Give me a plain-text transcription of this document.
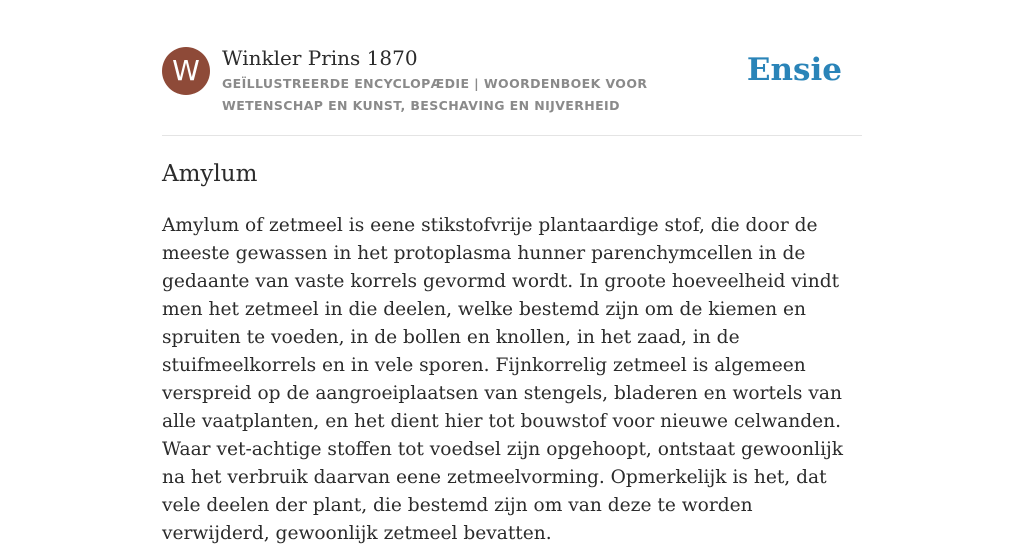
W	Winkler Prins 1870
GEÏLLUSTREERDE ENCYCLOPÆDIE | WOORDENBOEK VOOR WETENSCHAP EN KUNST, BESCHAVING EN NIJVERHEID
Ensie
Amylum

Amylum of zetmeel is eene stikstofvrije plantaardige stof, die door de meeste gewassen in het protoplasma hunner parenchymcellen in de gedaante van vaste korrels gevormd wordt. In groote hoeveelheid vindt men het zetmeel in die deelen, welke bestemd zijn om de kiemen en spruiten te voeden, in de bollen en knollen, in het zaad, in de stuifmeelkorrels en in vele sporen. Fijnkorrelig zetmeel is algemeen verspreid op de aangroeiplaatsen van stengels, bladeren en wortels van alle vaatplanten, en het dient hier tot bouwstof voor nieuwe celwanden. Waar vet-achtige stoffen tot voedsel zijn opgehoopt, ontstaat gewoonlijk na het verbruik daarvan eene zetmeelvorming. Opmerkelijk is het, dat vele deelen der plant, die bestemd zijn om van deze te worden verwijderd, gewoonlijk zetmeel bevatten.
